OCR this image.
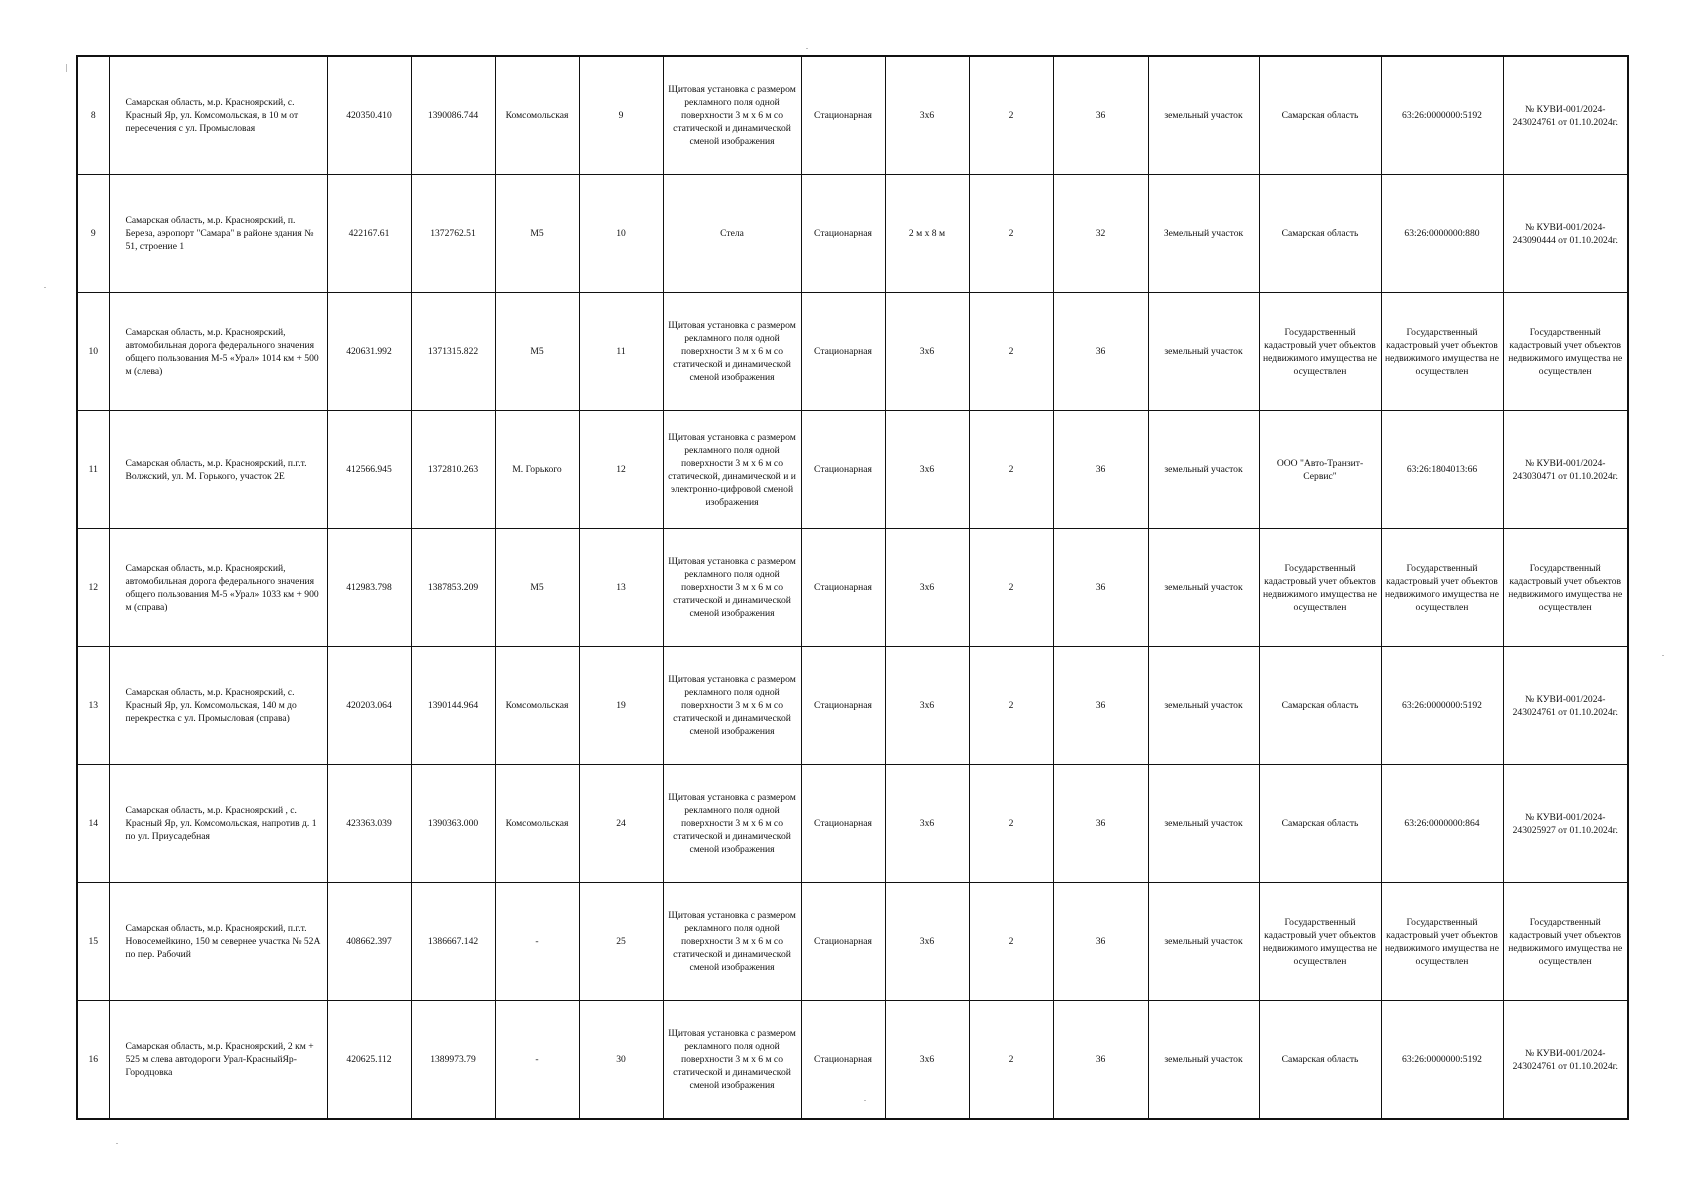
8	Самарская область, м.р. Красноярский, с. Красный Яр, ул. Комсомольская, в 10 м от пересечения с ул. Промысловая	420350.410	1390086.744	Комсомольская	9	Щитовая установка с размером рекламного поля одной поверхности 3 м х 6 м со статической и динамической сменой изображения	Стационарная	3х6	2	36	земельный участок	Самарская область	63:26:0000000:5192	№ КУВИ-001/2024-243024761 от 01.10.2024г.
9	Самарская область, м.р. Красноярский, п. Береза, аэропорт "Самара" в районе здания № 51, строение 1	422167.61	1372762.51	М5	10	Стела	Стационарная	2 м х 8 м	2	32	Земельный участок	Самарская область	63:26:0000000:880	№ КУВИ-001/2024-243090444 от 01.10.2024г.
10	Самарская область, м.р. Красноярский, автомобильная дорога федерального значения общего пользования М-5 «Урал» 1014 км + 500 м (слева)	420631.992	1371315.822	М5	11	Щитовая установка с размером рекламного поля одной поверхности 3 м х 6 м со статической и динамической сменой изображения	Стационарная	3х6	2	36	земельный участок	Государственный кадастровый учет объектов недвижимого имущества не осуществлен	Государственный кадастровый учет объектов недвижимого имущества не осуществлен	Государственный кадастровый учет объектов недвижимого имущества не осуществлен
11	Самарская область, м.р. Красноярский, п.г.т. Волжский, ул. М. Горького, участок 2Е	412566.945	1372810.263	М. Горького	12	Щитовая установка с размером рекламного поля одной поверхности 3 м х 6 м со статической, динамической и и электронно-цифровой сменой изображения	Стационарная	3х6	2	36	земельный участок	ООО "Авто-Транзит-Сервис"	63:26:1804013:66	№ КУВИ-001/2024-243030471 от 01.10.2024г.
12	Самарская область, м.р. Красноярский, автомобильная дорога федерального значения общего пользования М-5 «Урал» 1033 км + 900 м (справа)	412983.798	1387853.209	М5	13	Щитовая установка с размером рекламного поля одной поверхности 3 м х 6 м со статической и динамической сменой изображения	Стационарная	3х6	2	36	земельный участок	Государственный кадастровый учет объектов недвижимого имущества не осуществлен	Государственный кадастровый учет объектов недвижимого имущества не осуществлен	Государственный кадастровый учет объектов недвижимого имущества не осуществлен
13	Самарская область, м.р. Красноярский, с. Красный Яр, ул. Комсомольская, 140 м до перекрестка с ул. Промысловая (справа)	420203.064	1390144.964	Комсомольская	19	Щитовая установка с размером рекламного поля одной поверхности 3 м х 6 м со статической и динамической сменой изображения	Стационарная	3х6	2	36	земельный участок	Самарская область	63:26:0000000:5192	№ КУВИ-001/2024-243024761 от 01.10.2024г.
14	Самарская область, м.р. Красноярский , с. Красный Яр, ул. Комсомольская, напротив д. 1 по ул. Приусадебная	423363.039	1390363.000	Комсомольская	24	Щитовая установка с размером рекламного поля одной поверхности 3 м х 6 м со статической и динамической сменой изображения	Стационарная	3х6	2	36	земельный участок	Самарская область	63:26:0000000:864	№ КУВИ-001/2024-243025927 от 01.10.2024г.
15	Самарская область, м.р. Красноярский, п.г.т. Новосемейкино, 150 м севернее участка № 52А по пер. Рабочий	408662.397	1386667.142	-	25	Щитовая установка с размером рекламного поля одной поверхности 3 м х 6 м со статической и динамической сменой изображения	Стационарная	3х6	2	36	земельный участок	Государственный кадастровый учет объектов недвижимого имущества не осуществлен	Государственный кадастровый учет объектов недвижимого имущества не осуществлен	Государственный кадастровый учет объектов недвижимого имущества не осуществлен
16	Самарская область, м.р. Красноярский, 2 км + 525 м слева автодороги Урал-КрасныйЯр-Городцовка	420625.112	1389973.79	-	30	Щитовая установка с размером рекламного поля одной поверхности 3 м х 6 м со статической и динамической сменой изображения	Стационарная	3х6	2	36	земельный участок	Самарская область	63:26:0000000:5192	№ КУВИ-001/2024-243024761 от 01.10.2024г.
